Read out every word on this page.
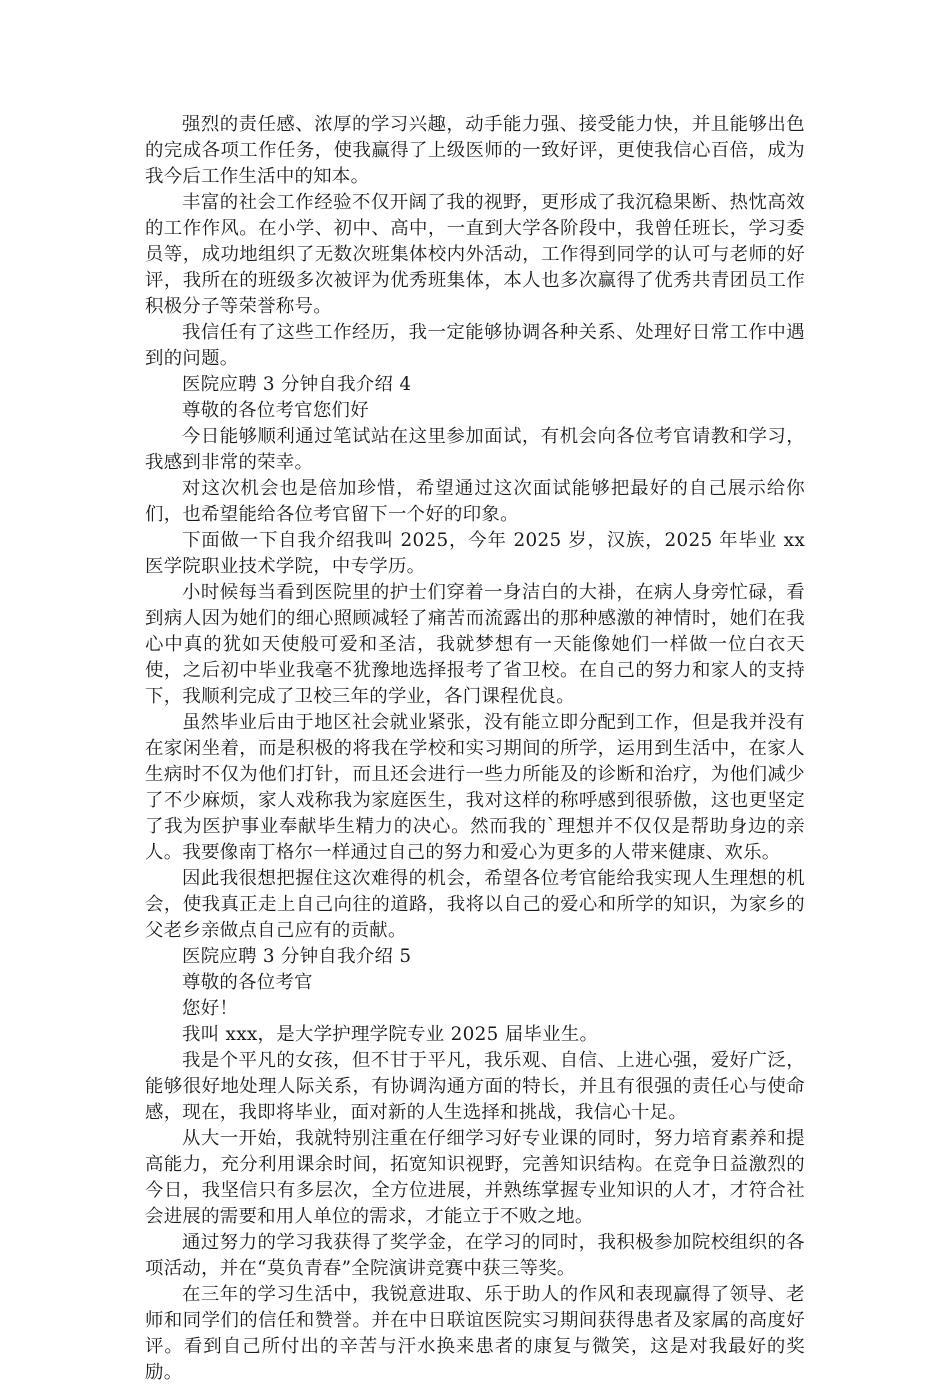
强烈的责任感、浓厚的学习兴趣，动手能力强、接受能力快，并且能够出色的完成各项工作任务，使我赢得了上级医师的一致好评，更使我信心百倍，成为我今后工作生活中的知本。

丰富的社会工作经验不仅开阔了我的视野，更形成了我沉稳果断、热忱高效的工作作风。在小学、初中、高中，一直到大学各阶段中，我曾任班长，学习委员等，成功地组织了无数次班集体校内外活动，工作得到同学的认可与老师的好评，我所在的班级多次被评为优秀班集体，本人也多次赢得了优秀共青团员工作积极分子等荣誉称号。

我信任有了这些工作经历，我一定能够协调各种关系、处理好日常工作中遇到的问题。

医院应聘 3 分钟自我介绍 4

尊敬的各位考官您们好

今日能够顺利通过笔试站在这里参加面试，有机会向各位考官请教和学习，我感到非常的荣幸。

对这次机会也是倍加珍惜，希望通过这次面试能够把最好的自己展示给你们，也希望能给各位考官留下一个好的印象。

下面做一下自我介绍我叫 2025，今年 2025 岁，汉族，2025 年毕业 xx 医学院职业技术学院，中专学历。

小时候每当看到医院里的护士们穿着一身洁白的大褂，在病人身旁忙碌，看到病人因为她们的细心照顾减轻了痛苦而流露出的那种感激的神情时，她们在我心中真的犹如天使般可爱和圣洁，我就梦想有一天能像她们一样做一位白衣天使，之后初中毕业我毫不犹豫地选择报考了省卫校。在自己的努力和家人的支持下，我顺利完成了卫校三年的学业，各门课程优良。

虽然毕业后由于地区社会就业紧张，没有能立即分配到工作，但是我并没有在家闲坐着，而是积极的将我在学校和实习期间的所学，运用到生活中，在家人生病时不仅为他们打针，而且还会进行一些力所能及的诊断和治疗，为他们减少了不少麻烦，家人戏称我为家庭医生，我对这样的称呼感到很骄傲，这也更坚定了我为医护事业奉献毕生精力的决心。然而我的`理想并不仅仅是帮助身边的亲人。我要像南丁格尔一样通过自己的努力和爱心为更多的人带来健康、欢乐。

因此我很想把握住这次难得的机会，希望各位考官能给我实现人生理想的机会，使我真正走上自己向往的道路，我将以自己的爱心和所学的知识，为家乡的父老乡亲做点自己应有的贡献。

医院应聘 3 分钟自我介绍 5

尊敬的各位考官

您好！

我叫 xxx，是大学护理学院专业 2025 届毕业生。

我是个平凡的女孩，但不甘于平凡，我乐观、自信、上进心强，爱好广泛，能够很好地处理人际关系，有协调沟通方面的特长，并且有很强的责任心与使命感，现在，我即将毕业，面对新的人生选择和挑战，我信心十足。

从大一开始，我就特别注重在仔细学习好专业课的同时，努力培育素养和提高能力，充分利用课余时间，拓宽知识视野，完善知识结构。在竞争日益激烈的今日，我坚信只有多层次，全方位进展，并熟练掌握专业知识的人才，才符合社会进展的需要和用人单位的需求，才能立于不败之地。

通过努力的学习我获得了奖学金，在学习的同时，我积极参加院校组织的各项活动，并在“莫负青春”全院演讲竞赛中获三等奖。

在三年的学习生活中，我锐意进取、乐于助人的作风和表现赢得了领导、老师和同学们的信任和赞誉。并在中日联谊医院实习期间获得患者及家属的高度好评。看到自己所付出的辛苦与汗水换来患者的康复与微笑，这是对我最好的奖励。
